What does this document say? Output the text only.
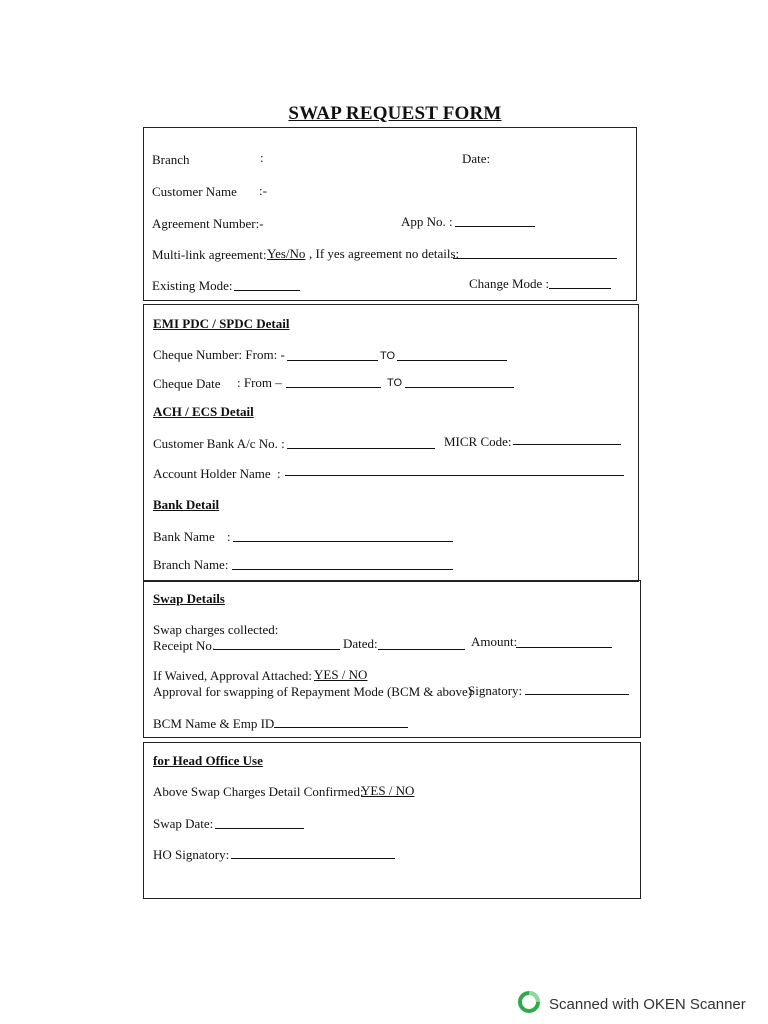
SWAP REQUEST FORM
Branch	:	Date:
Customer Name :-
Agreement Number:-	App No. :
Multi-link agreement: Yes/No , If yes agreement no details:
Existing Mode:	Change Mode :
EMI PDC / SPDC Detail
Cheque Number: From: -	TO
Cheque Date : From –	TO
ACH / ECS Detail
Customer Bank A/c No. :	MICR Code:
Account Holder Name :
Bank Detail
Bank Name :
Branch Name:
Swap Details
Swap charges collected:
Receipt No.	Dated:	Amount:
If Waived, Approval Attached: YES / NO
Approval for swapping of Repayment Mode (BCM & above)
Signatory:
BCM Name & Emp ID
for Head Office Use
Above Swap Charges Detail Confirmed:
YES / NO
Swap Date:
HO Signatory:
Scanned with OKEN Scanner
